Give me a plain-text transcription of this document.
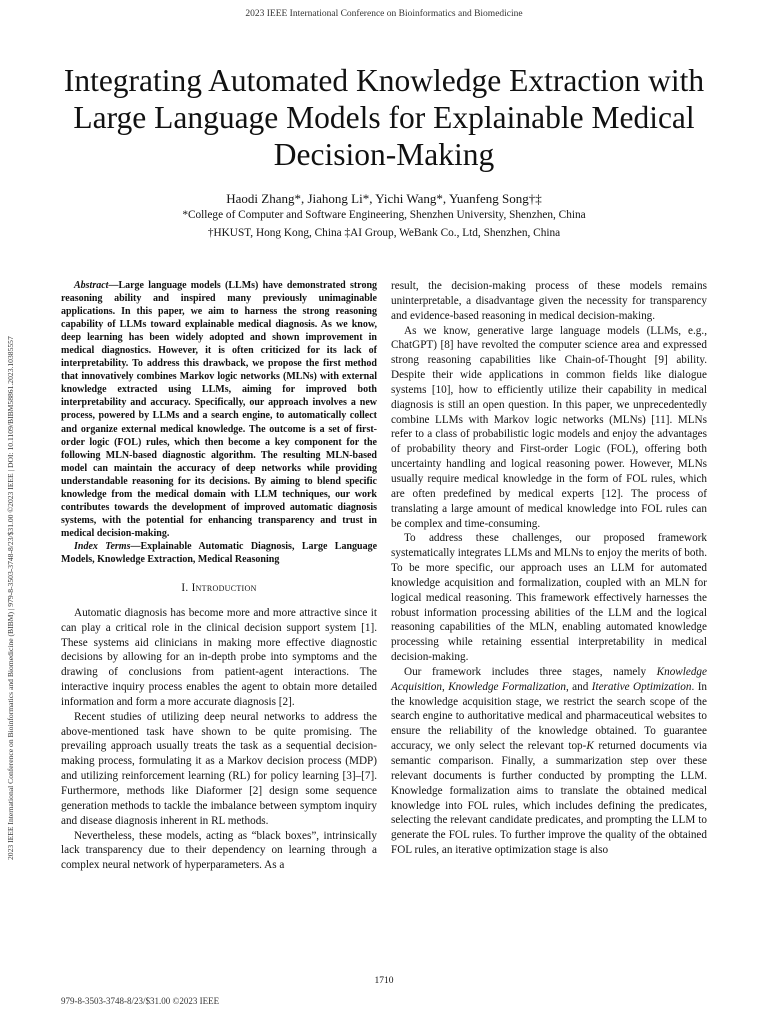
2023 IEEE International Conference on Bioinformatics and Biomedicine
2023 IEEE International Conference on Bioinformatics and Biomedicine (BIBM) | 979-8-3503-3748-8/23/$31.00 ©2023 IEEE | DOI: 10.1109/BIBM58861.2023.10385557
Integrating Automated Knowledge Extraction with Large Language Models for Explainable Medical Decision-Making
Haodi Zhang*, Jiahong Li*, Yichi Wang*, Yuanfeng Song†‡
*College of Computer and Software Engineering, Shenzhen University, Shenzhen, China
†HKUST, Hong Kong, China ‡AI Group, WeBank Co., Ltd, Shenzhen, China

Abstract—Large language models (LLMs) have demonstrated strong reasoning ability and inspired many previously unimaginable applications. In this paper, we aim to harness the strong reasoning capability of LLMs toward explainable medical diagnosis. As we know, deep learning has been widely adopted and shown improvement in medical diagnostics. However, it is often criticized for its lack of interpretability. To address this drawback, we propose the first method that innovatively combines Markov logic networks (MLNs) with external knowledge extracted using LLMs, aiming for improved both interpretability and accuracy. Specifically, our approach involves a new process, powered by LLMs and a search engine, to automatically collect and organize external medical knowledge. The outcome is a set of first-order logic (FOL) rules, which then become a key component for the following MLN-based diagnostic algorithm. The resulting MLN-based model can maintain the accuracy of deep networks while providing understandable reasoning for its decisions. By aiming to blend specific knowledge from the medical domain with LLM techniques, our work contributes towards the development of improved automatic diagnosis systems, with the potential for enhancing transparency and trust in medical decision-making.

Index Terms—Explainable Automatic Diagnosis, Large Language Models, Knowledge Extraction, Medical Reasoning

I. Introduction

Automatic diagnosis has become more and more attractive since it can play a critical role in the clinical decision support system [1]. These systems aid clinicians in making more effective diagnostic decisions by allowing for an in-depth probe into symptoms and the drawing of conclusions from patient-agent interactions. The interactive inquiry process enables the agent to obtain more detailed information and form a more accurate diagnosis [2].

Recent studies of utilizing deep neural networks to address the above-mentioned task have shown to be quite promising. The prevailing approach usually treats the task as a sequential decision-making process, formulating it as a Markov decision process (MDP) and utilizing reinforcement learning (RL) for policy learning [3]–[7]. Furthermore, methods like Diaformer [2] design some sequence generation methods to tackle the imbalance between symptom inquiry and disease diagnosis inherent in RL methods.

Nevertheless, these models, acting as “black boxes”, intrinsically lack transparency due to their dependency on learning through a complex neural network of hyperparameters. As a

result, the decision-making process of these models remains uninterpretable, a disadvantage given the necessity for transparency and evidence-based reasoning in medical decision-making.

As we know, generative large language models (LLMs, e.g., ChatGPT) [8] have revolted the computer science area and expressed strong reasoning capabilities like Chain-of-Thought [9] ability. Despite their wide applications in common fields like dialogue systems [10], how to efficiently utilize their capability in medical diagnosis is still an open question. In this paper, we unprecedentedly combine LLMs with Markov logic networks (MLNs) [11]. MLNs refer to a class of probabilistic logic models and enjoy the advantages of probability theory and First-order Logic (FOL), offering both uncertainty handling and logical reasoning power. However, MLNs usually require medical knowledge in the form of FOL rules, which are often predefined by medical experts [12]. The process of translating a large amount of medical knowledge into FOL rules can be complex and time-consuming.

To address these challenges, our proposed framework systematically integrates LLMs and MLNs to enjoy the merits of both. To be more specific, our approach uses an LLM for automated knowledge acquisition and formalization, coupled with an MLN for logical medical reasoning. This framework effectively harnesses the robust information processing abilities of the LLM and the logical reasoning capabilities of the MLN, enabling automated knowledge processing while retaining essential interpretability in medical decision-making.

Our framework includes three stages, namely Knowledge Acquisition, Knowledge Formalization, and Iterative Optimization. In the knowledge acquisition stage, we restrict the search scope of the search engine to authoritative medical and pharmaceutical websites to ensure the reliability of the knowledge obtained. To guarantee accuracy, we only select the relevant top-K returned documents via semantic comparison. Finally, a summarization step over these relevant documents is further conducted by prompting the LLM. Knowledge formalization aims to translate the obtained medical knowledge into FOL rules, which includes defining the predicates, selecting the relevant candidate predicates, and prompting the LLM to generate the FOL rules. To further improve the quality of the obtained FOL rules, an iterative optimization stage is also

1710
979-8-3503-3748-8/23/$31.00 ©2023 IEEE
